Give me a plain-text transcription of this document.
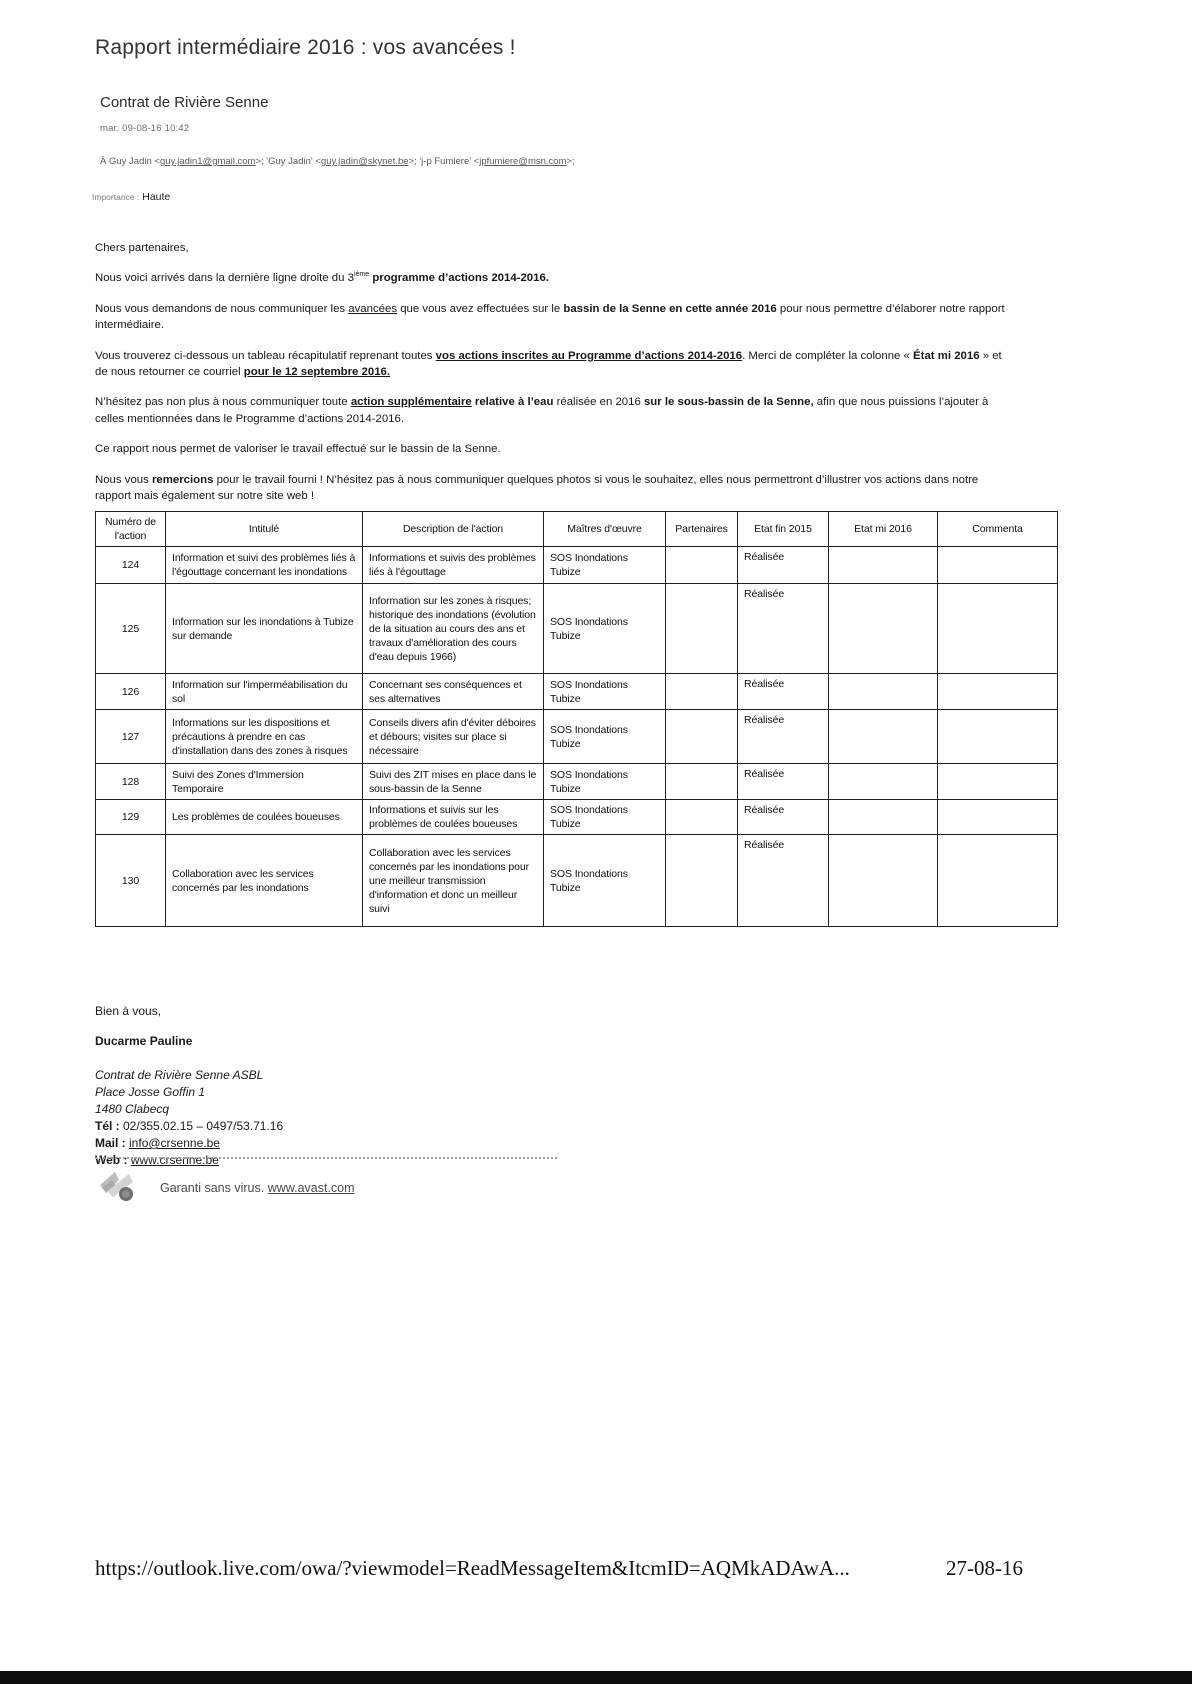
Rapport intermédiaire 2016 : vos avancées !
Contrat de Rivière Senne
mar. 09-08-16 10:42
À Guy Jadin <guy.jadin1@gmail.com>; 'Guy Jadin' <guy.jadin@skynet.be>; 'j-p Fumiere' <jpfumiere@msn.com>;
Importance : Haute

Chers partenaires,

Nous voici arrivés dans la dernière ligne droite du 3ième programme d’actions 2014-2016.

Nous vous demandons de nous communiquer les avancées que vous avez effectuées sur le bassin de la Senne en cette année 2016 pour nous permettre d’élaborer notre rapport intermédiaire.

Vous trouverez ci-dessous un tableau récapitulatif reprenant toutes vos actions inscrites au Programme d’actions 2014-2016. Merci de compléter la colonne « État mi 2016 » et de nous retourner ce courriel pour le 12 septembre 2016.

N’hésitez pas non plus à nous communiquer toute action supplémentaire relative à l’eau réalisée en 2016 sur le sous-bassin de la Senne, afin que nous puissions l’ajouter à celles mentionnées dans le Programme d’actions 2014-2016.

Ce rapport nous permet de valoriser le travail effectué sur le bassin de la Senne.

Nous vous remercions pour le travail fourni ! N’hésitez pas à nous communiquer quelques photos si vous le souhaitez, elles nous permettront d’illustrer vos actions dans notre rapport mais également sur notre site web !

Numéro de l'action	Intitulé	Description de l'action	Maîtres d'œuvre	Partenaires	Etat fin 2015	Etat mi 2016	Commenta
124	Information et suivi des problèmes liés à l'égouttage concernant les inondations	Informations et suivis des problèmes liés à l'égouttage	SOS Inondations Tubize		Réalisée		
125	Information sur les inondations à Tubize sur demande	Information sur les zones à risques; historique des inondations (évolution de la situation au cours des ans et travaux d'amélioration des cours d'eau depuis 1966)	SOS Inondations Tubize		Réalisée		
126	Information sur l'imperméabilisation du sol	Concernant ses conséquences et ses alternatives	SOS Inondations Tubize		Réalisée		
127	Informations sur les dispositions et précautions à prendre en cas d'installation dans des zones à risques	Conseils divers afin d'éviter déboires et débours; visites sur place si nécessaire	SOS Inondations Tubize		Réalisée		
128	Suivi des Zones d'Immersion Temporaire	Suivi des ZIT mises en place dans le sous-bassin de la Senne	SOS Inondations Tubize		Réalisée		
129	Les problèmes de coulées boueuses	Informations et suivis sur les problèmes de coulées boueuses	SOS Inondations Tubize		Réalisée		
130	Collaboration avec les services concernés par les inondations	Collaboration avec les services concernés par les inondations pour une meilleur transmission d'information et donc un meilleur suivi	SOS Inondations Tubize		Réalisée		

Bien à vous,

Ducarme Pauline

Contrat de Rivière Senne ASBL

Place Josse Goffin 1

1480 Clabecq

Tél : 02/355.02.15 – 0497/53.71.16

Mail : info@crsenne.be

Web : www.crsenne.be

Garanti sans virus. www.avast.com
https://outlook.live.com/owa/?viewmodel=ReadMessageItem&ItcmID=AQMkADAwA...	27-08-16
